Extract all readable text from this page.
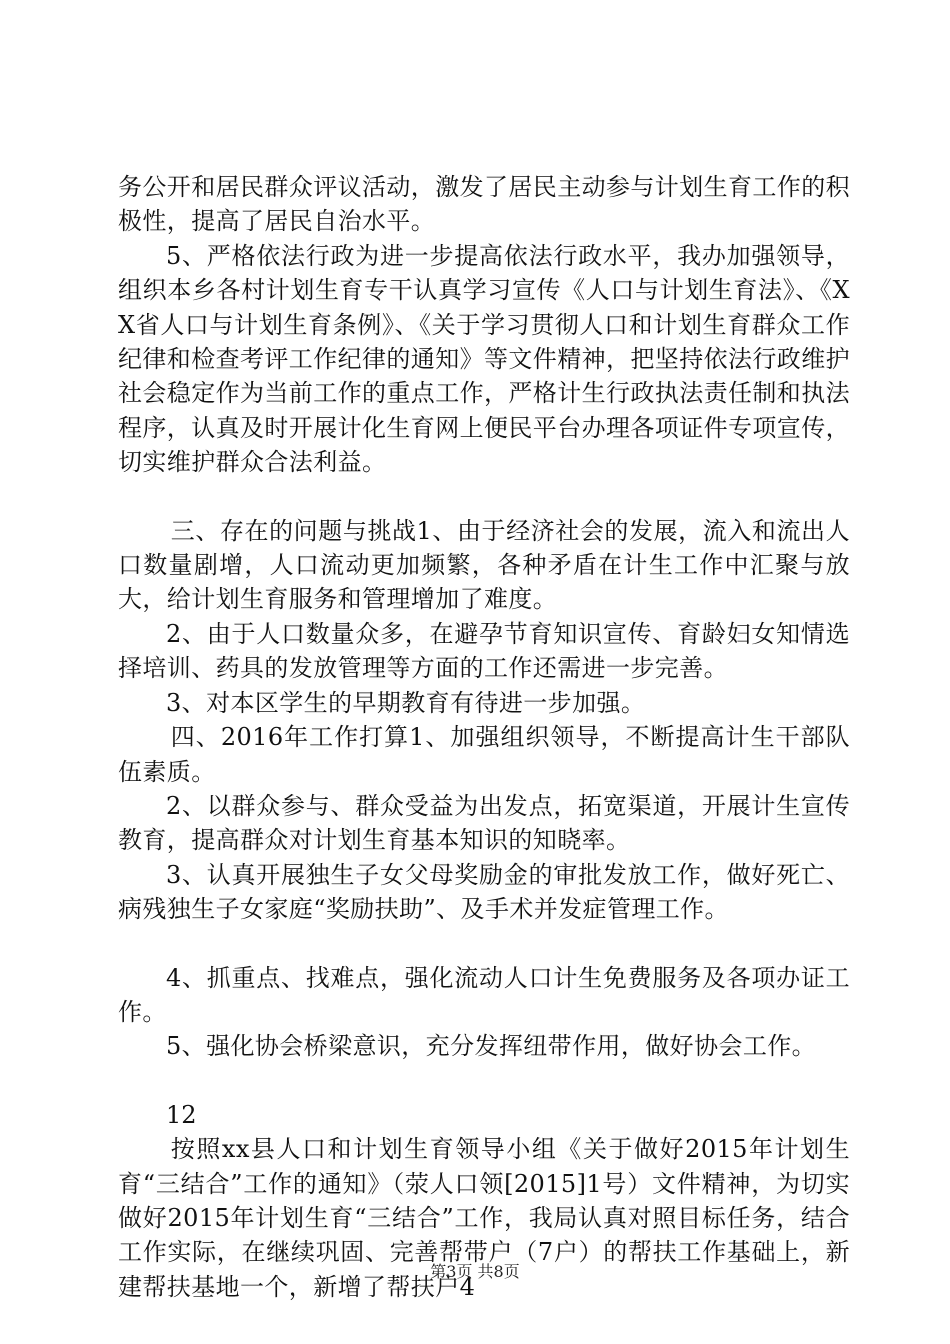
务公开和居民群众评议活动，激发了居民主动参与计划生育工作的积极性，提高了居民自治水平。

5、严格依法行政为进一步提高依法行政水平，我办加强领导，组织本乡各村计划生育专干认真学习宣传《人口与计划生育法》、《XX省人口与计划生育条例》、《关于学习贯彻人口和计划生育群众工作纪律和检查考评工作纪律的通知》等文件精神，把坚持依法行政维护社会稳定作为当前工作的重点工作，严格计生行政执法责任制和执法程序，认真及时开展计化生育网上便民平台办理各项证件专项宣传，切实维护群众合法利益。

三、存在的问题与挑战1、由于经济社会的发展，流入和流出人口数量剧增，人口流动更加频繁，各种矛盾在计生工作中汇聚与放大，给计划生育服务和管理增加了难度。

2、由于人口数量众多，在避孕节育知识宣传、育龄妇女知情选择培训、药具的发放管理等方面的工作还需进一步完善。

3、对本区学生的早期教育有待进一步加强。

四、2016年工作打算1、加强组织领导，不断提高计生干部队伍素质。

2、以群众参与、群众受益为出发点，拓宽渠道，开展计生宣传教育，提高群众对计划生育基本知识的知晓率。

3、认真开展独生子女父母奖励金的审批发放工作，做好死亡、病残独生子女家庭“奖励扶助”、及手术并发症管理工作。

4、抓重点、找难点，强化流动人口计生免费服务及各项办证工作。

5、强化协会桥梁意识，充分发挥纽带作用，做好协会工作。

12

按照xx县人口和计划生育领导小组《关于做好2015年计划生育“三结合”工作的通知》（荥人口领[2015]1号）文件精神，为切实做好2015年计划生育“三结合”工作，我局认真对照目标任务，结合工作实际，在继续巩固、完善帮带户（7户）的帮扶工作基础上，新建帮扶基地一个，新增了帮扶户4

第3页 共8页
